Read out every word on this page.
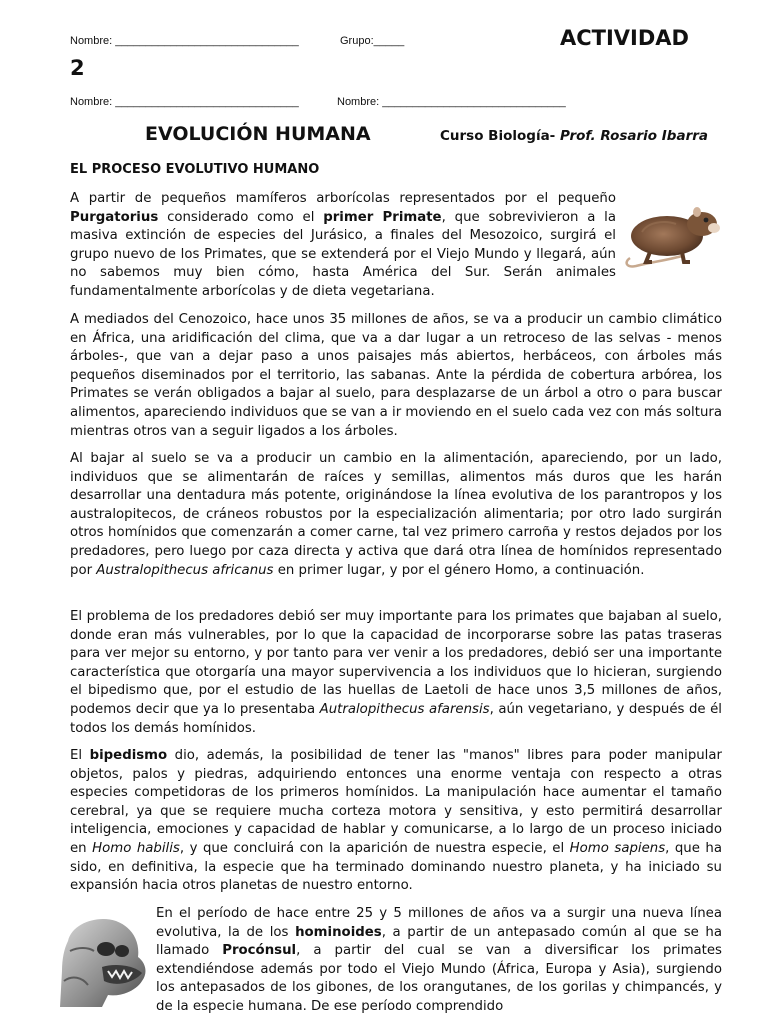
Nombre: ______________________________	Grupo:_____	ACTIVIDAD
2
Nombre: ______________________________	Nombre: ______________________________
EVOLUCIÓN HUMANA	Curso Biología- Prof. Rosario Ibarra
EL PROCESO EVOLUTIVO HUMANO

A partir de pequeños mamíferos arborícolas representados por el pequeño Purgatorius considerado como el primer Primate, que sobrevivieron a la masiva extinción de especies del Jurásico, a finales del Mesozoico, surgirá el grupo nuevo de los Primates, que se extenderá por el Viejo Mundo y llegará, aún no sabemos muy bien cómo, hasta América del Sur. Serán animales fundamentalmente arborícolas y de dieta vegetariana.

A mediados del Cenozoico, hace unos 35 millones de años, se va a producir un cambio climático en África, una aridificación del clima, que va a dar lugar a un retroceso de las selvas - menos árboles-, que van a dejar paso a unos paisajes más abiertos, herbáceos, con árboles más pequeños diseminados por el territorio, las sabanas. Ante la pérdida de cobertura arbórea, los Primates se verán obligados a bajar al suelo, para desplazarse de un árbol a otro o para buscar alimentos, apareciendo individuos que se van a ir moviendo en el suelo cada vez con más soltura mientras otros van a seguir ligados a los árboles.

Al bajar al suelo se va a producir un cambio en la alimentación, apareciendo, por un lado, individuos que se alimentarán de raíces y semillas, alimentos más duros que les harán desarrollar una dentadura más potente, originándose la línea evolutiva de los parantropos y los australopitecos, de cráneos robustos por la especialización alimentaria; por otro lado surgirán otros homínidos que comenzarán a comer carne, tal vez primero carroña y restos dejados por los predadores, pero luego por caza directa y activa que dará otra línea de homínidos representado por Australopithecus africanus en primer lugar, y por el género Homo, a continuación.

El problema de los predadores debió ser muy importante para los primates que bajaban al suelo, donde eran más vulnerables, por lo que la capacidad de incorporarse sobre las patas traseras para ver mejor su entorno, y por tanto para ver venir a los predadores, debió ser una importante característica que otorgaría una mayor supervivencia a los individuos que lo hicieran, surgiendo el bipedismo que, por el estudio de las huellas de Laetoli de hace unos 3,5 millones de años, podemos decir que ya lo presentaba Autralopithecus afarensis, aún vegetariano, y después de él todos los demás homínidos.

El bipedismo dio, además, la posibilidad de tener las "manos" libres para poder manipular objetos, palos y piedras, adquiriendo entonces una enorme ventaja con respecto a otras especies competidoras de los primeros homínidos. La manipulación hace aumentar el tamaño cerebral, ya que se requiere mucha corteza motora y sensitiva, y esto permitirá desarrollar inteligencia, emociones y capacidad de hablar y comunicarse, a lo largo de un proceso iniciado en Homo habilis, y que concluirá con la aparición de nuestra especie, el Homo sapiens, que ha sido, en definitiva, la especie que ha terminado dominando nuestro planeta, y ha iniciado su expansión hacia otros planetas de nuestro entorno.

En el período de hace entre 25 y 5 millones de años va a surgir una nueva línea evolutiva, la de los hominoides, a partir de un antepasado común al que se ha llamado Procónsul, a partir del cual se van a diversificar los primates extendiéndose además por todo el Viejo Mundo (África, Europa y Asia), surgiendo los antepasados de los gibones, de los orangutanes, de los gorilas y chimpancés, y de la especie humana. De ese período comprendido
